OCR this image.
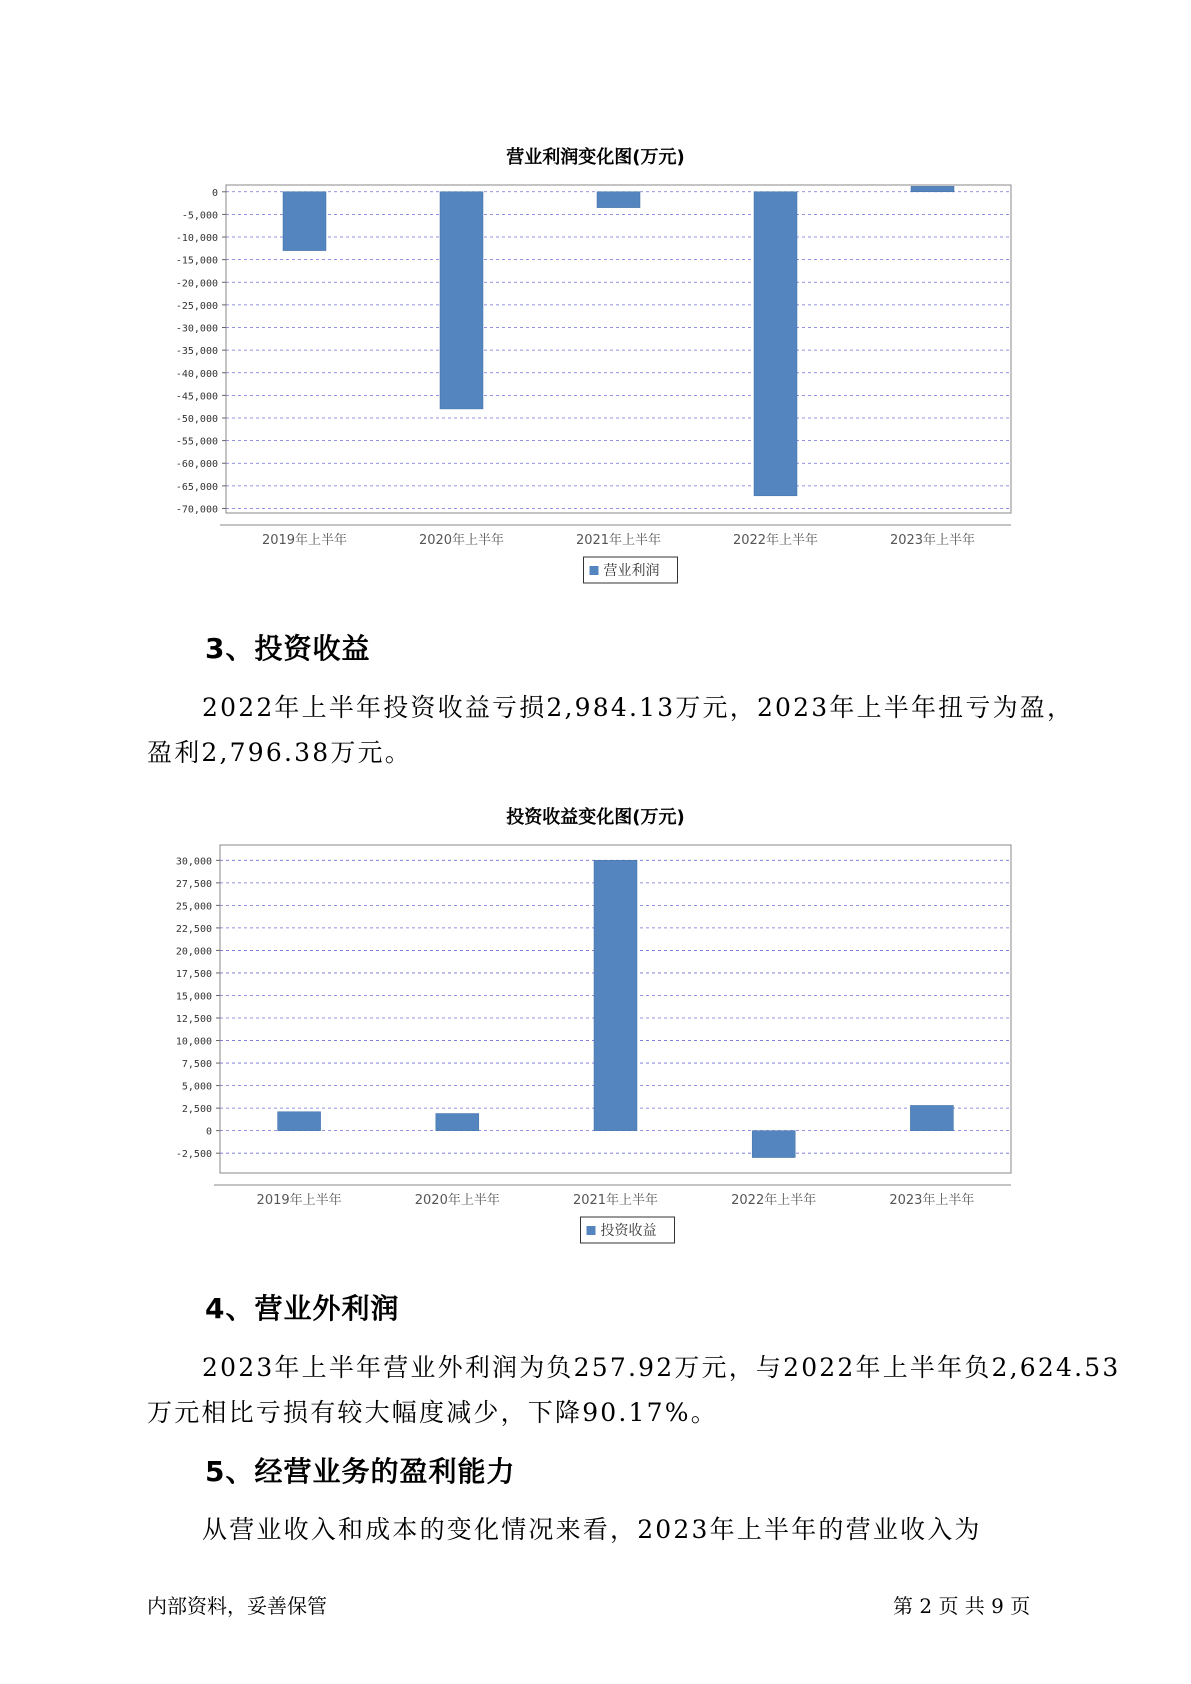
营业利润变化图(万元)
0
-5,000
-10,000
-15,000
-20,000
-25,000
-30,000
-35,000
-40,000
-45,000
-50,000
-55,000
-60,000
-65,000
-70,000
2019年上半年	2020年上半年	2021年上半年	2022年上半年	2023年上半年
营业利润
3、投资收益
2022年上半年投资收益亏损2,984.13万元，2023年上半年扭亏为盈，
盈利2,796.38万元。
投资收益变化图(万元)
30,000
27,500
25,000
22,500
20,000
17,500
15,000
12,500
10,000
7,500
5,000
2,500
0
-2,500
2019年上半年	2020年上半年	2021年上半年	2022年上半年	2023年上半年
投资收益
4、营业外利润
2023年上半年营业外利润为负257.92万元，与2022年上半年负2,624.53
万元相比亏损有较大幅度减少，下降90.17%。
5、经营业务的盈利能力
从营业收入和成本的变化情况来看，2023年上半年的营业收入为
内部资料，妥善保管	第 2 页 共 9 页
